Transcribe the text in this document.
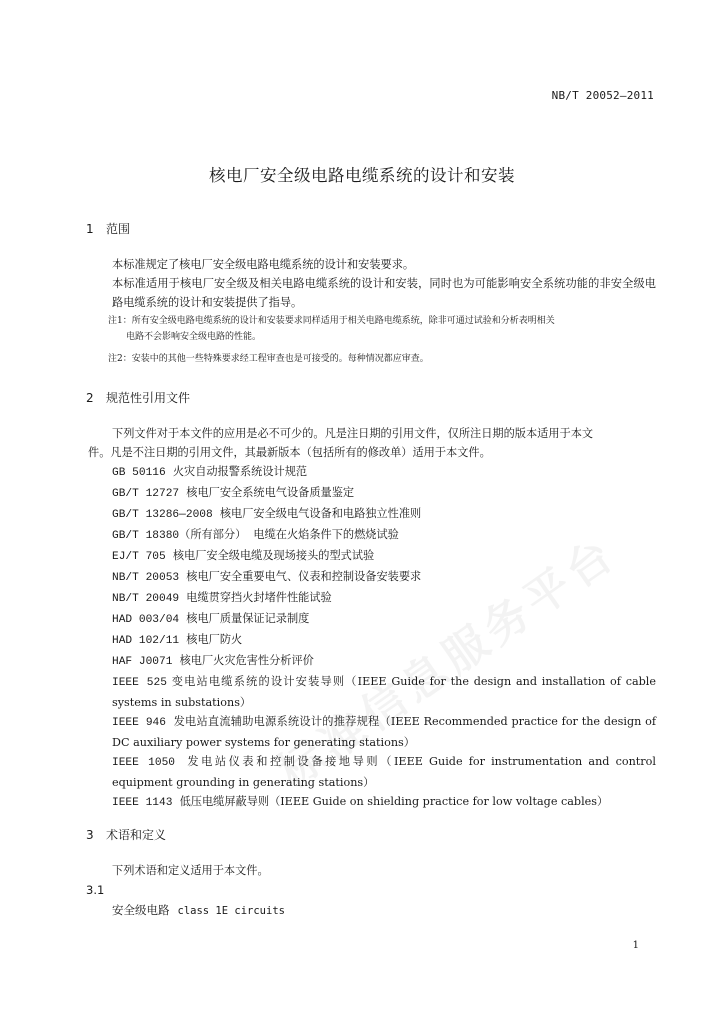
NB/T 20052—2011
核电厂安全级电路电缆系统的设计和安装
1 范围
本标准规定了核电厂安全级电路电缆系统的设计和安装要求。
本标准适用于核电厂安全级及相关电路电缆系统的设计和安装，同时也为可能影响安全系统功能的非安全级电路电缆系统的设计和安装提供了指导。
注1：所有安全级电路电缆系统的设计和安装要求同样适用于相关电路电缆系统，除非可通过试验和分析表明相关
电路不会影响安全级电路的性能。
注2：安装中的其他一些特殊要求经工程审查也是可接受的。每种情况都应审查。
2 规范性引用文件
下列文件对于本文件的应用是必不可少的。凡是注日期的引用文件，仅所注日期的版本适用于本文
件。凡是不注日期的引用文件，其最新版本（包括所有的修改单）适用于本文件。
GB 50116 火灾自动报警系统设计规范
GB/T 12727 核电厂安全系统电气设备质量鉴定
GB/T 13286—2008 核电厂安全级电气设备和电路独立性准则
GB/T 18380（所有部分） 电缆在火焰条件下的燃烧试验
EJ/T 705 核电厂安全级电缆及现场接头的型式试验
NB/T 20053 核电厂安全重要电气、仪表和控制设备安装要求
NB/T 20049 电缆贯穿挡火封堵件性能试验
HAD 003/04 核电厂质量保证记录制度
HAD 102/11 核电厂防火
HAF J0071 核电厂火灾危害性分析评价
IEEE 525 变电站电缆系统的设计安装导则（IEEE Guide for the design and installation of cable systems in substations）
IEEE 946 发电站直流辅助电源系统设计的推荐规程（IEEE Recommended practice for the design of DC auxiliary power systems for generating stations）
IEEE 1050 发电站仪表和控制设备接地导则（IEEE Guide for instrumentation and control equipment grounding in generating stations）
IEEE 1143 低压电缆屏蔽导则（IEEE Guide on shielding practice for low voltage cables）
3 术语和定义
下列术语和定义适用于本文件。
3.1
安全级电路 class 1E circuits
1
